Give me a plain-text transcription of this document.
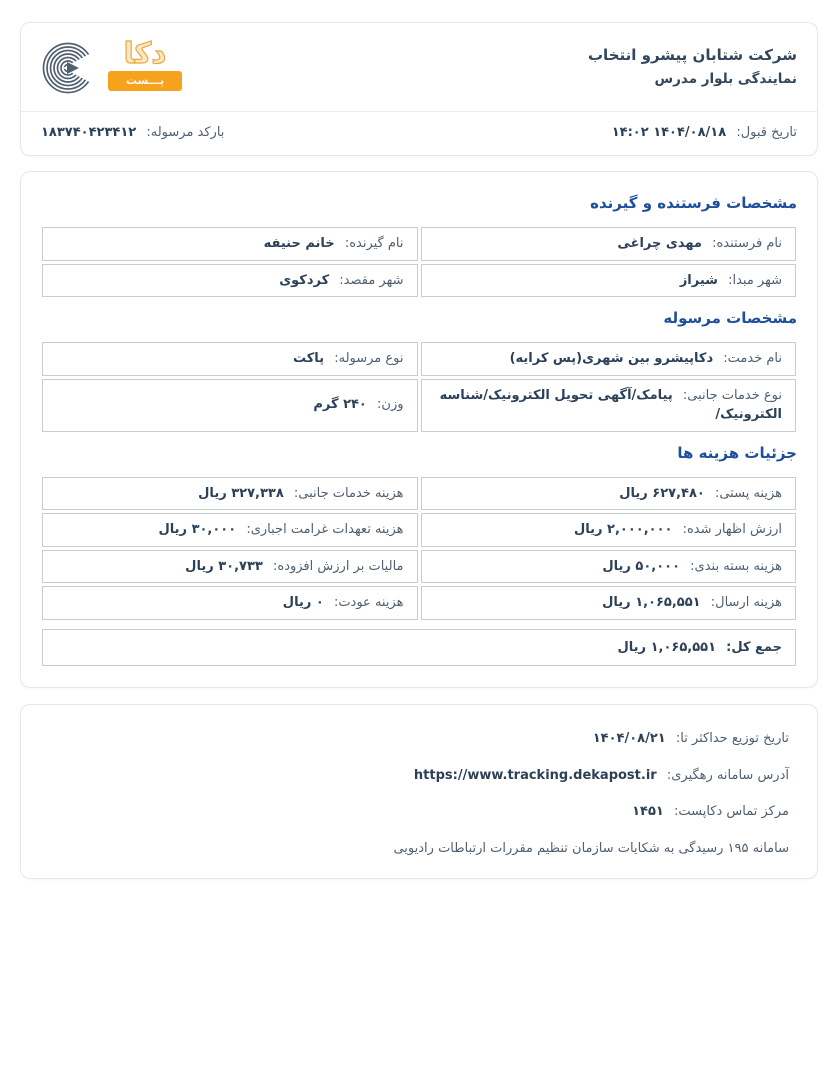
شرکت شتابان پیشرو انتخاب
نمایندگی بلوار مدرس
دکا
پـــست
تاریخ قبول: ۱۴۰۴/۰۸/۱۸ ۱۴:۰۲
بارکد مرسوله: ۱۸۳۷۴۰۴۲۳۴۱۲
مشخصات فرستنده و گیرنده
نام فرستنده: مهدی چراغی	نام گیرنده: خانم حنیفه
شهر مبدا: شیراز	شهر مقصد: کردکوی
مشخصات مرسوله
نام خدمت: دکاپیشرو بین شهری(پس کرایه)	نوع مرسوله: پاکت
نوع خدمات جانبی: پیامک/آگهی تحویل الکترونیک/شناسه الکترونیک/	وزن: ۲۴۰ گرم
جزئیات هزینه ها
هزینه پستی: ۶۲۷,۴۸۰ ریال	هزینه خدمات جانبی: ۳۲۷,۳۳۸ ریال
ارزش اظهار شده: ۲,۰۰۰,۰۰۰ ریال	هزینه تعهدات غرامت اجباری: ۳۰,۰۰۰ ریال
هزینه بسته بندی: ۵۰,۰۰۰ ریال	مالیات بر ارزش افزوده: ۳۰,۷۳۳ ریال
هزینه ارسال: ۱,۰۶۵,۵۵۱ ریال	هزینه عودت: ۰ ریال
جمع کل: ۱,۰۶۵,۵۵۱ ریال

تاریخ توزیع حداکثر تا: ۱۴۰۴/۰۸/۲۱

آدرس سامانه رهگیری: https://www.tracking.dekapost.ir

مرکز تماس دکاپست: ۱۴۵۱

سامانه ۱۹۵ رسیدگی به شکایات سازمان تنظیم مقررات ارتباطات رادیویی
